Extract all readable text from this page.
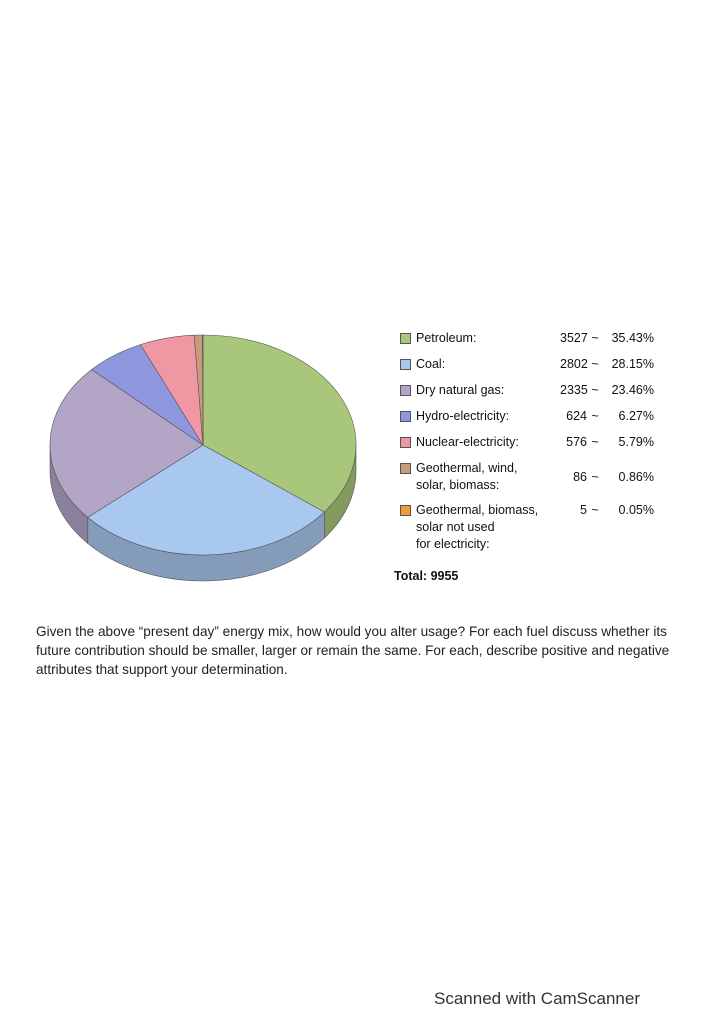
Petroleum:	3527 ~	35.43%
Coal:	2802 ~	28.15%
Dry natural gas:	2335 ~	23.46%
Hydro-electricity:	624 ~	6.27%
Nuclear-electricity:	576 ~	5.79%
Geothermal, wind,
solar, biomass:
86 ~	0.86%
Geothermal, biomass,
solar not used
for electricity:
5 ~	0.05%
Total: 9955
Given the above “present day” energy mix, how would you alter usage? For each fuel discuss whether its future contribution should be smaller, larger or remain the same. For each, describe positive and negative attributes that support your determination.
Scanned with CamScanner
